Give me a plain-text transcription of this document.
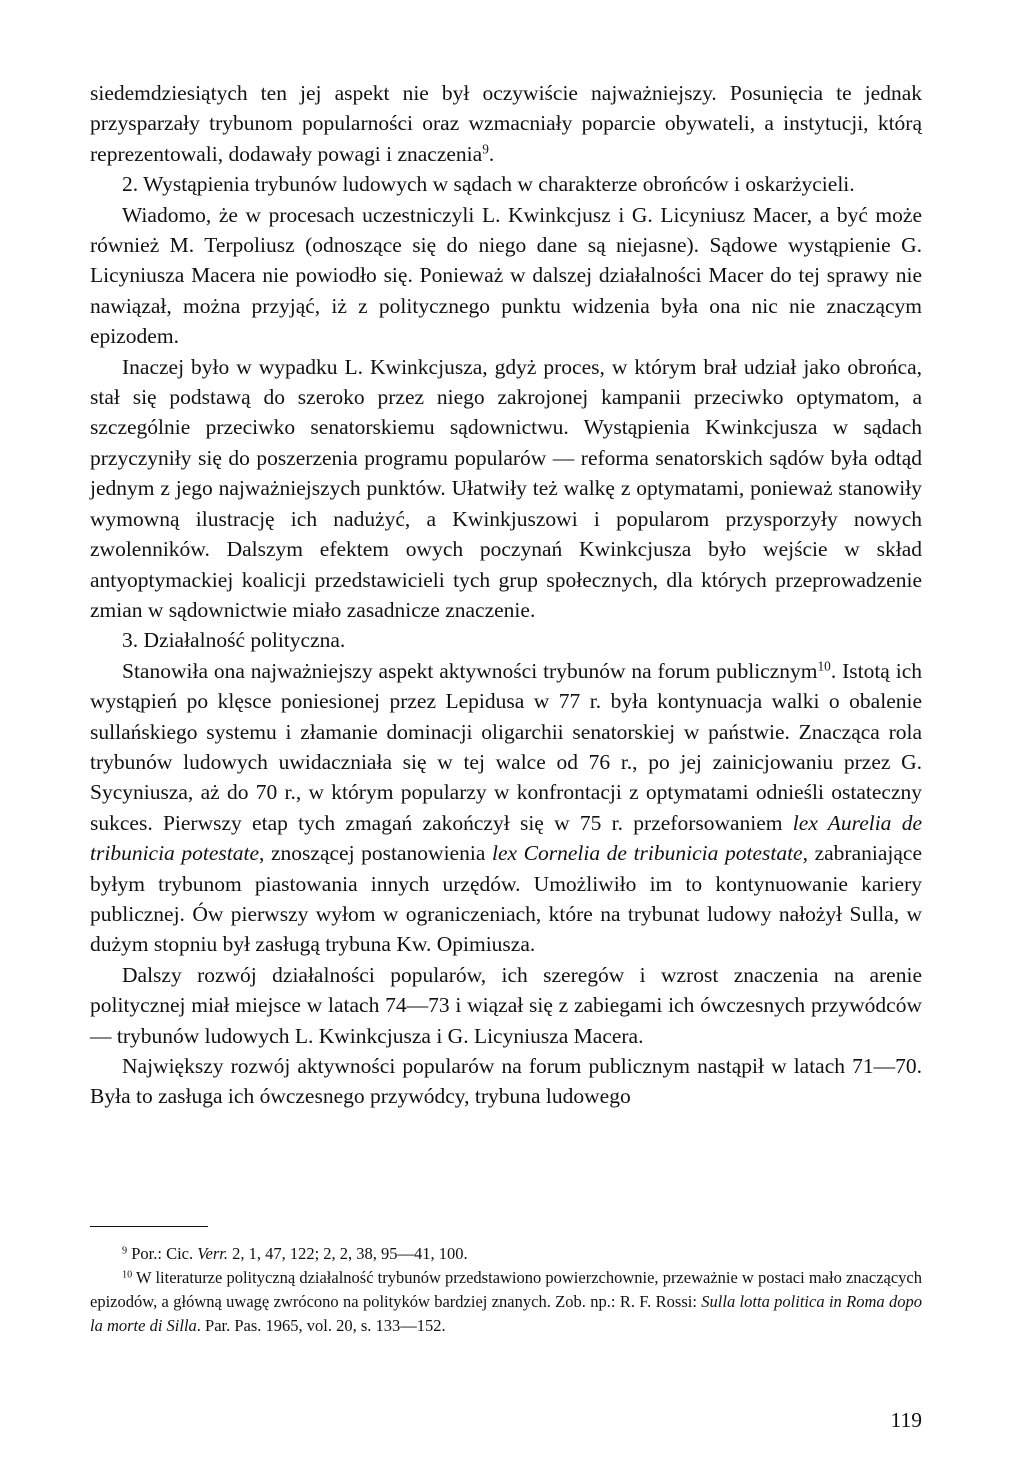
siedemdziesiątych ten jej aspekt nie był oczywiście najważniejszy. Posunięcia te jednak przysparzały trybunom popularności oraz wzmacniały poparcie obywateli, a instytucji, którą reprezentowali, dodawały powagi i znaczenia$^9$.

2. Wystąpienia trybunów ludowych w sądach w charakterze obrońców i oskarżycieli.

Wiadomo, że w procesach uczestniczyli L. Kwinkcjusz i G. Licyniusz Macer, a być może również M. Terpoliusz (odnoszące się do niego dane są niejasne). Sądowe wystąpienie G. Licyniusza Macera nie powiodło się. Ponieważ w dalszej działalności Macer do tej sprawy nie nawiązał, można przyjąć, iż z politycznego punktu widzenia była ona nic nie znaczącym epizodem.

Inaczej było w wypadku L. Kwinkcjusza, gdyż proces, w którym brał udział jako obrońca, stał się podstawą do szeroko przez niego zakrojonej kampanii przeciwko optymatom, a szczególnie przeciwko senatorskiemu sądownictwu. Wystąpienia Kwinkcjusza w sądach przyczyniły się do poszerzenia programu popularów — reforma senatorskich sądów była odtąd jednym z jego najważniejszych punktów. Ułatwiły też walkę z optymatami, ponieważ stanowiły wymowną ilustrację ich nadużyć, a Kwinkjuszowi i popularom przysporzyły nowych zwolenników. Dalszym efektem owych poczynań Kwinkcjusza było wejście w skład antyoptymackiej koalicji przedstawicieli tych grup społecznych, dla których przeprowadzenie zmian w sądownictwie miało zasadnicze znaczenie.

3. Działalność polityczna.

Stanowiła ona najważniejszy aspekt aktywności trybunów na forum publicznym$^{10}$. Istotą ich wystąpień po klęsce poniesionej przez Lepidusa w 77 r. była kontynuacja walki o obalenie sullańskiego systemu i złamanie dominacji oligarchii senatorskiej w państwie. Znacząca rola trybunów ludowych uwidaczniała się w tej walce od 76 r., po jej zainicjowaniu przez G. Sycyniusza, aż do 70 r., w którym popularzy w konfrontacji z optymatami odnieśli ostateczny sukces. Pierwszy etap tych zmagań zakończył się w 75 r. przeforsowaniem lex Aurelia de tribunicia potestate, znoszącej postanowienia lex Cornelia de tribunicia potestate, zabraniające byłym trybunom piastowania innych urzędów. Umożliwiło im to kontynuowanie kariery publicznej. Ów pierwszy wyłom w ograniczeniach, które na trybunat ludowy nałożył Sulla, w dużym stopniu był zasługą trybuna Kw. Opimiusza.

Dalszy rozwój działalności popularów, ich szeregów i wzrost znaczenia na arenie politycznej miał miejsce w latach 74—73 i wiązał się z zabiegami ich ówczesnych przywódców — trybunów ludowych L. Kwinkcjusza i G. Licyniusza Macera.

Największy rozwój aktywności popularów na forum publicznym nastąpił w latach 71—70. Była to zasługa ich ówczesnego przywódcy, trybuna ludowego

$^9$ Por.: Cic. Verr. 2, 1, 47, 122; 2, 2, 38, 95—41, 100.

$^{10}$ W literaturze polityczną działalność trybunów przedstawiono powierzchownie, przeważnie w postaci mało znaczących epizodów, a główną uwagę zwrócono na polityków bardziej znanych. Zob. np.: R. F. Rossi: Sulla lotta politica in Roma dopo la morte di Silla. Par. Pas. 1965, vol. 20, s. 133—152.

119
